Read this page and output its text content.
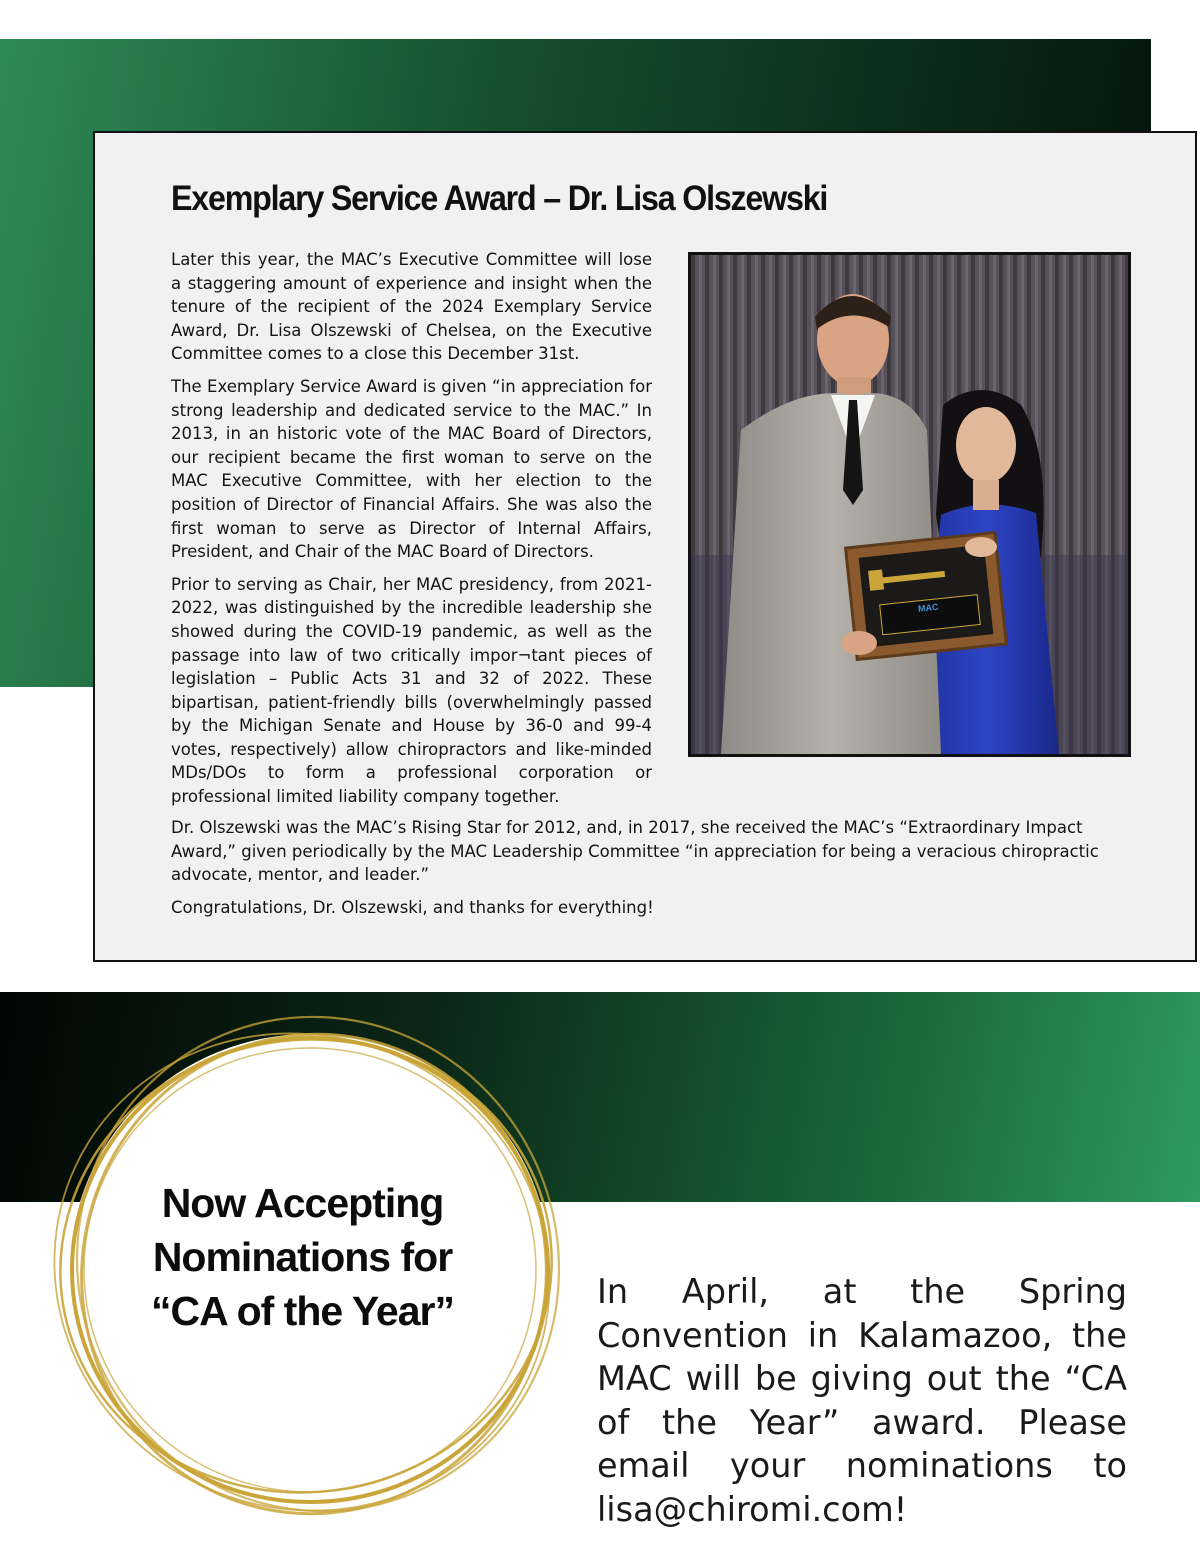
Exemplary Service Award – Dr. Lisa Olszewski

Later this year, the MAC’s Executive Committee will lose a staggering amount of experience and insight when the tenure of the recipient of the 2024 Exemplary Service Award, Dr. Lisa Olszewski of Chelsea, on the Executive Committee comes to a close this December 31st.

The Exemplary Service Award is given “in appreciation for strong leadership and dedicated service to the MAC.” In 2013, in an historic vote of the MAC Board of Directors, our recipient became the first woman to serve on the MAC Executive Committee, with her election to the position of Director of Financial Affairs. She was also the first woman to serve as Director of Internal Affairs, President, and Chair of the MAC Board of Directors.

Prior to serving as Chair, her MAC presidency, from 2021-2022, was distinguished by the incredible leadership she showed during the COVID-19 pandemic, as well as the passage into law of two critically impor¬tant pieces of legislation – Public Acts 31 and 32 of 2022. These bipartisan, patient-friendly bills (overwhelmingly passed by the Michigan Senate and House by 36-0 and 99-4 votes, respectively) allow chiropractors and like-minded MDs/DOs to form a professional corporation or professional limited liability company together.

MAC

Dr. Olszewski was the MAC’s Rising Star for 2012, and, in 2017, she received the MAC’s “Extraordinary Impact Award,” given periodically by the MAC Leadership Committee “in appreciation for being a veracious chiropractic advocate, mentor, and leader.”

Congratulations, Dr. Olszewski, and thanks for everything!

Now Accepting
Nominations for
“CA of the Year”	In April, at the Spring Convention in Kalamazoo, the MAC will be giving out the “CA of the Year” award. Please email your nominations to lisa@chiromi.com!
